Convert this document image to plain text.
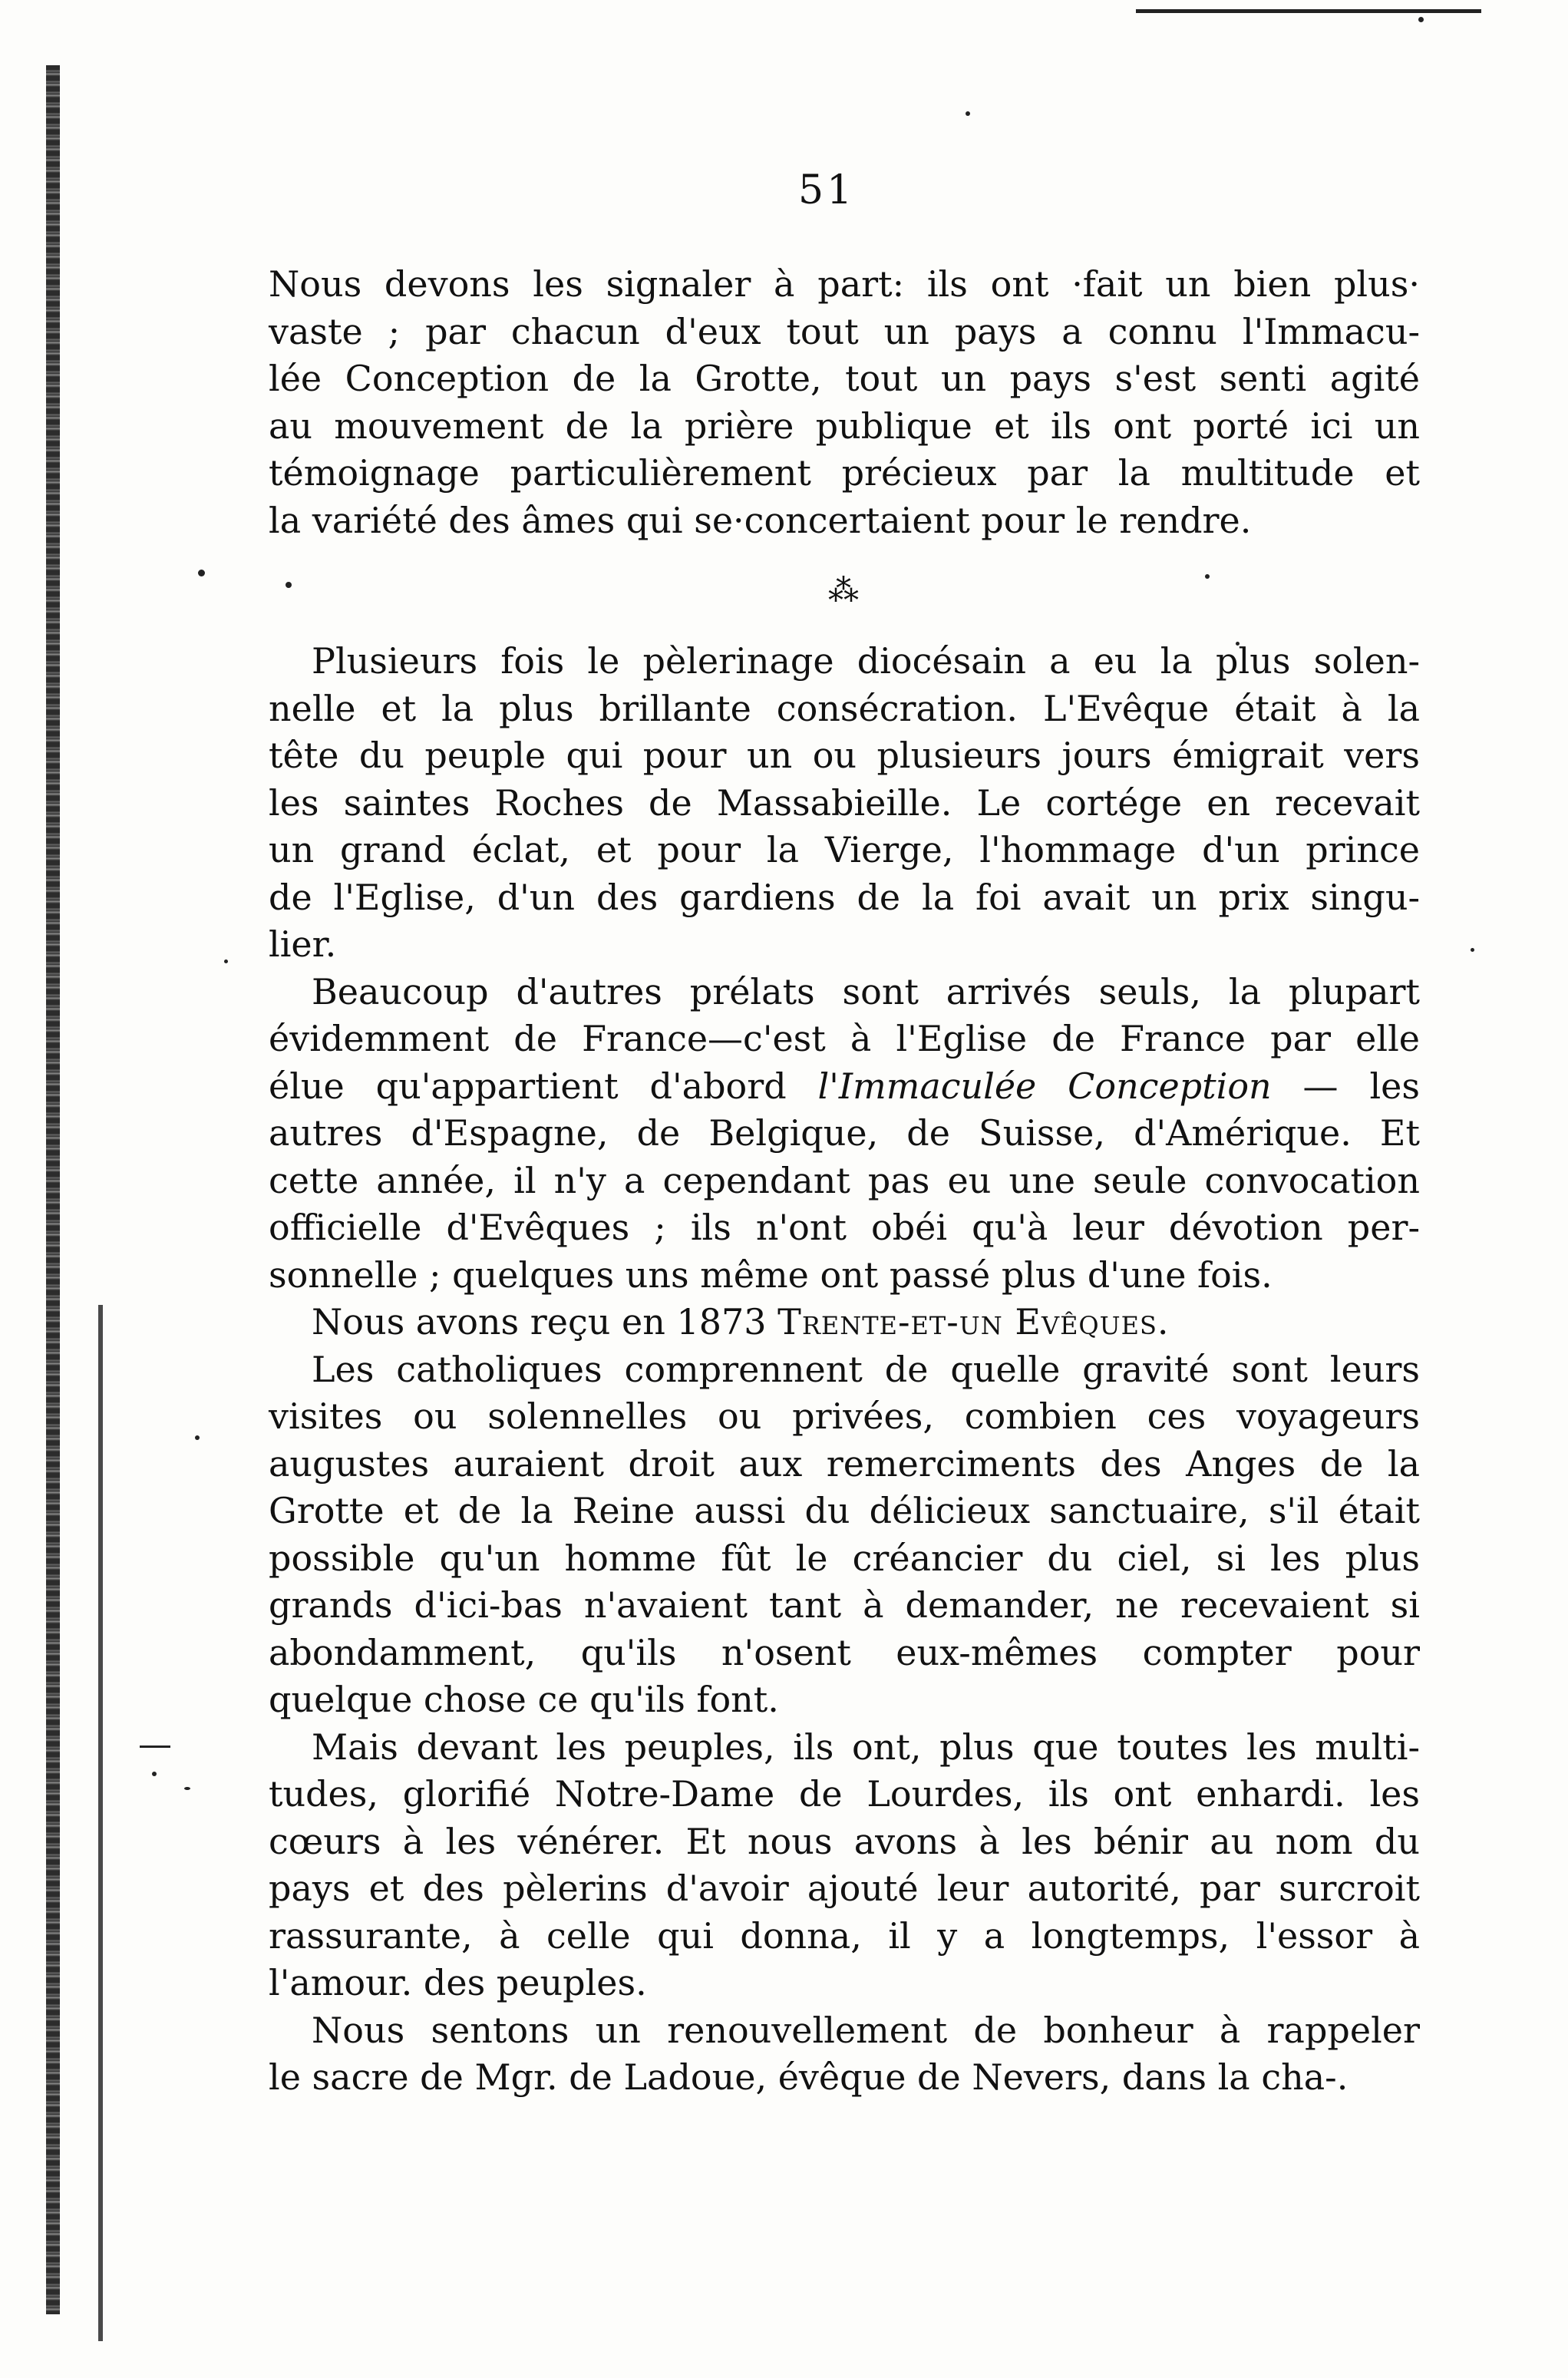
51
Nous devons les signaler à part: ils ont ·fait un bien plus·
vaste ; par chacun d'eux tout un pays a connu l'Immacu-
lée Conception de la Grotte, tout un pays s'est senti agité
au mouvement de la prière publique et ils ont porté ici un
témoignage particulièrement précieux par la multitude et
la variété des âmes qui se·concertaient pour le rendre.
⁂
Plusieurs fois le pèlerinage diocésain a eu la plus solen-
nelle et la plus brillante consécration. L'Evêque était à la
tête du peuple qui pour un ou plusieurs jours émigrait vers
les saintes Roches de Massabieille. Le cortége en recevait
un grand éclat, et pour la Vierge, l'hommage d'un prince
de l'Eglise, d'un des gardiens de la foi avait un prix singu-
lier.
Beaucoup d'autres prélats sont arrivés seuls, la plupart
évidemment de France—c'est à l'Eglise de France par elle
élue qu'appartient d'abord l'Immaculée Conception — les
autres d'Espagne, de Belgique, de Suisse, d'Amérique. Et
cette année, il n'y a cependant pas eu une seule convocation
officielle d'Evêques ; ils n'ont obéi qu'à leur dévotion per-
sonnelle ; quelques uns même ont passé plus d'une fois.
Nous avons reçu en 1873 Trente-et-un Evêques.
Les catholiques comprennent de quelle gravité sont leurs
visites ou solennelles ou privées, combien ces voyageurs
augustes auraient droit aux remerciments des Anges de la
Grotte et de la Reine aussi du délicieux sanctuaire, s'il était
possible qu'un homme fût le créancier du ciel, si les plus
grands d'ici-bas n'avaient tant à demander, ne recevaient si
abondamment, qu'ils n'osent eux-mêmes compter pour
quelque chose ce qu'ils font.
Mais devant les peuples, ils ont, plus que toutes les multi-
tudes, glorifié Notre-Dame de Lourdes, ils ont enhardi. les
cœurs à les vénérer. Et nous avons à les bénir au nom du
pays et des pèlerins d'avoir ajouté leur autorité, par surcroit
rassurante, à celle qui donna, il y a longtemps, l'essor à
l'amour. des peuples.
Nous sentons un renouvellement de bonheur à rappeler
le sacre de Mgr. de Ladoue, évêque de Nevers, dans la cha-.
